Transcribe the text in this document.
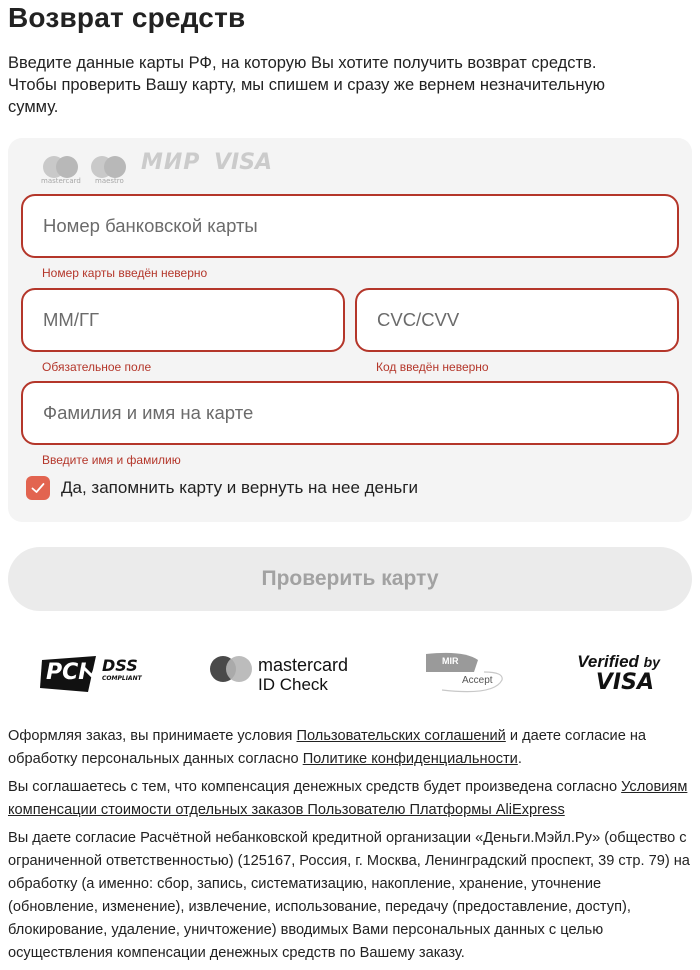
Возврат средств
Введите данные карты РФ, на которую Вы хотите получить возврат средств.
Чтобы проверить Вашу карту, мы спишем и сразу же вернем незначительную
сумму.
mastercard maestro
МИР VISA
Номер банковской карты
Номер карты введён неверно
ММ/ГГ
Обязательное поле
CVC/CVV	Код введён неверно
Фамилия и имя на карте
Введите имя и фамилию
Да, запомнить карту и вернуть на нее деньги
Проверить карту
PCI DSS
COMPLIANT
mastercard
ID Check
MIR
Accept
Verified by
VISA

Оформляя заказ, вы принимаете условия Пользовательских соглашений и даете согласие на обработку персональных данных согласно Политике конфиденциальности.

Вы соглашаетесь с тем, что компенсация денежных средств будет произведена согласно Условиям компенсации стоимости отдельных заказов Пользователю Платформы AliExpress

Вы даете согласие Расчётной небанковской кредитной организации «Деньги.Мэйл.Ру» (общество с ограниченной ответственностью) (125167, Россия, г. Москва, Ленинградский проспект, 39 стр. 79) на обработку (а именно: сбор, запись, систематизацию, накопление, хранение, уточнение (обновление, изменение), извлечение, использование, передачу (предоставление, доступ), блокирование, удаление, уничтожение) вводимых Вами персональных данных с целью осуществления компенсации денежных средств по Вашему заказу.
